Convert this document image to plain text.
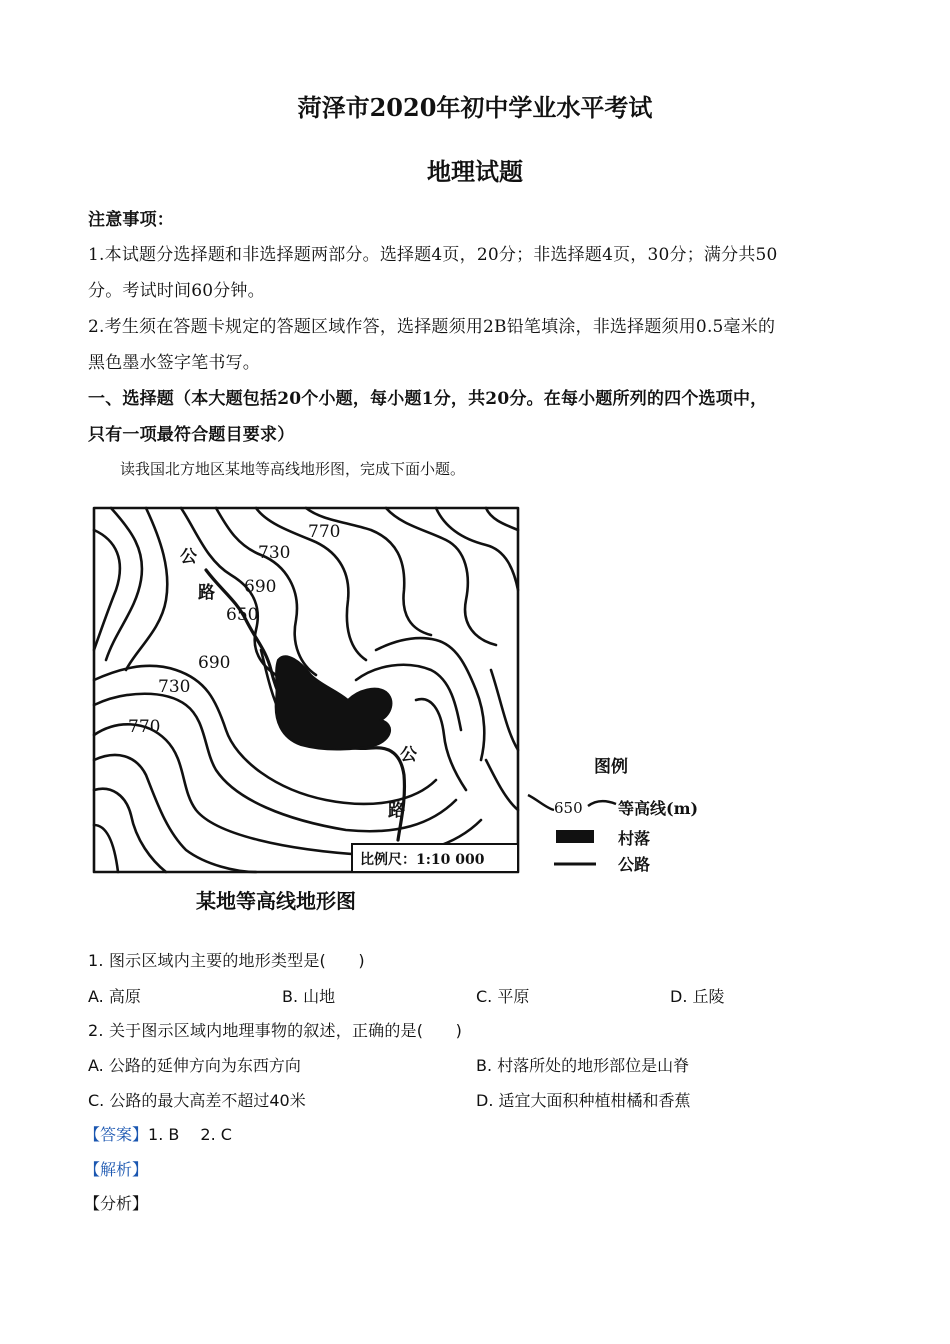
菏泽市2020年初中学业水平考试
地理试题
注意事项：
1.本试题分选择题和非选择题两部分。选择题4页，20分；非选择题4页，30分；满分共50
分。考试时间60分钟。
2.考生须在答题卡规定的答题区域作答，选择题须用2B铅笔填涂，非选择题须用0.5毫米的
黑色墨水签字笔书写。
一、选择题（本大题包括20个小题，每小题1分，共20分。在每小题所列的四个选项中，
只有一项最符合题目要求）
读我国北方地区某地等高线地形图，完成下面小题。
770
730
690
650
690
730
770
公
路
公
路
比例尺：1:10 000
某地等高线地形图
图例
650 等高线(m)
村落
公路
1. 图示区域内主要的地形类型是(　　)
A. 高原	B. 山地	C. 平原	D. 丘陵
2. 关于图示区域内地理事物的叙述，正确的是(　　)
A. 公路的延伸方向为东西方向	B. 村落所处的地形部位是山脊
C. 公路的最大高差不超过40米	D. 适宜大面积种植柑橘和香蕉
【答案】1. B　 2. C
【解析】
【分析】
